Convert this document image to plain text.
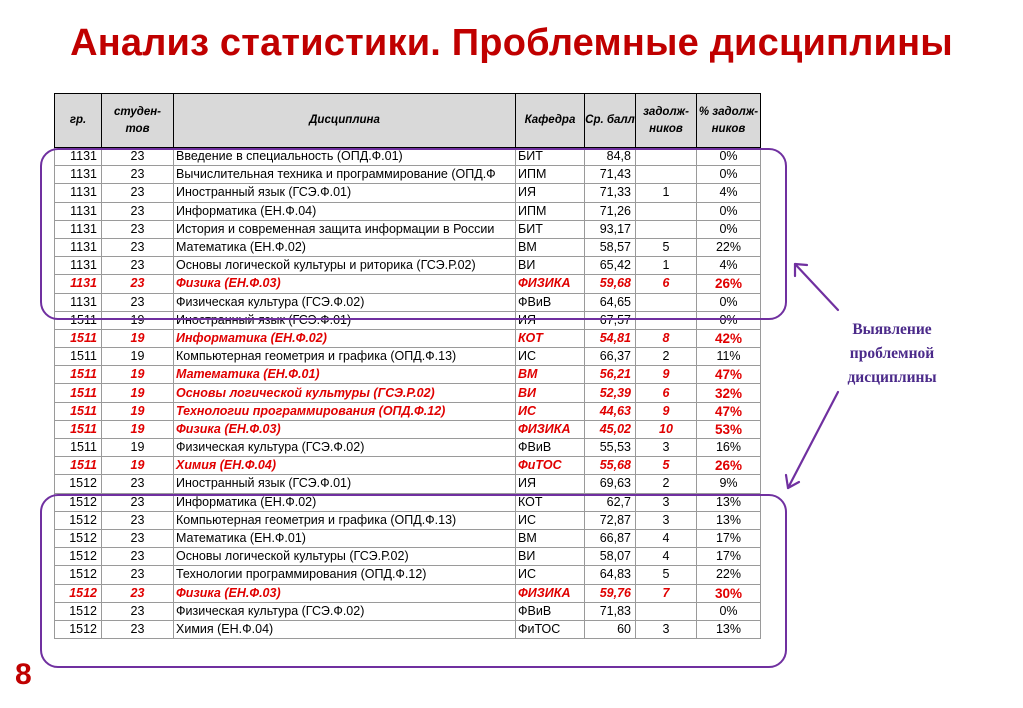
Анализ статистики. Проблемные дисциплины
гр.	студен-тов	Дисциплина	Кафедра	Ср. балл	задолж-ников	% задолж-ников
1131	23	Введение в специальность (ОПД.Ф.01)	БИТ	84,8		0%
1131	23	Вычислительная техника и программирование (ОПД.Ф	ИПМ	71,43		0%
1131	23	Иностранный язык (ГСЭ.Ф.01)	ИЯ	71,33	1	4%
1131	23	Информатика (ЕН.Ф.04)	ИПМ	71,26		0%
1131	23	История и современная защита информации в России	БИТ	93,17		0%
1131	23	Математика (ЕН.Ф.02)	ВМ	58,57	5	22%
1131	23	Основы логической культуры и риторика (ГСЭ.Р.02)	ВИ	65,42	1	4%
1131	23	Физика (ЕН.Ф.03)	ФИЗИКА	59,68	6	26%
1131	23	Физическая культура (ГСЭ.Ф.02)	ФВиВ	64,65		0%
1511	19	Иностранный язык (ГСЭ.Ф.01)	ИЯ	67,57		0%
1511	19	Информатика (ЕН.Ф.02)	КОТ	54,81	8	42%
1511	19	Компьютерная геометрия и графика (ОПД.Ф.13)	ИС	66,37	2	11%
1511	19	Математика (ЕН.Ф.01)	ВМ	56,21	9	47%
1511	19	Основы логической культуры (ГСЭ.Р.02)	ВИ	52,39	6	32%
1511	19	Технологии программирования (ОПД.Ф.12)	ИС	44,63	9	47%
1511	19	Физика (ЕН.Ф.03)	ФИЗИКА	45,02	10	53%
1511	19	Физическая культура (ГСЭ.Ф.02)	ФВиВ	55,53	3	16%
1511	19	Химия (ЕН.Ф.04)	ФиТОС	55,68	5	26%
1512	23	Иностранный язык (ГСЭ.Ф.01)	ИЯ	69,63	2	9%
1512	23	Информатика (ЕН.Ф.02)	КОТ	62,7	3	13%
1512	23	Компьютерная геометрия и графика (ОПД.Ф.13)	ИС	72,87	3	13%
1512	23	Математика (ЕН.Ф.01)	ВМ	66,87	4	17%
1512	23	Основы логической культуры (ГСЭ.Р.02)	ВИ	58,07	4	17%
1512	23	Технологии программирования (ОПД.Ф.12)	ИС	64,83	5	22%
1512	23	Физика (ЕН.Ф.03)	ФИЗИКА	59,76	7	30%
1512	23	Физическая культура (ГСЭ.Ф.02)	ФВиВ	71,83		0%
1512	23	Химия (ЕН.Ф.04)	ФиТОС	60	3	13%
Выявление проблемной дисциплины
8
